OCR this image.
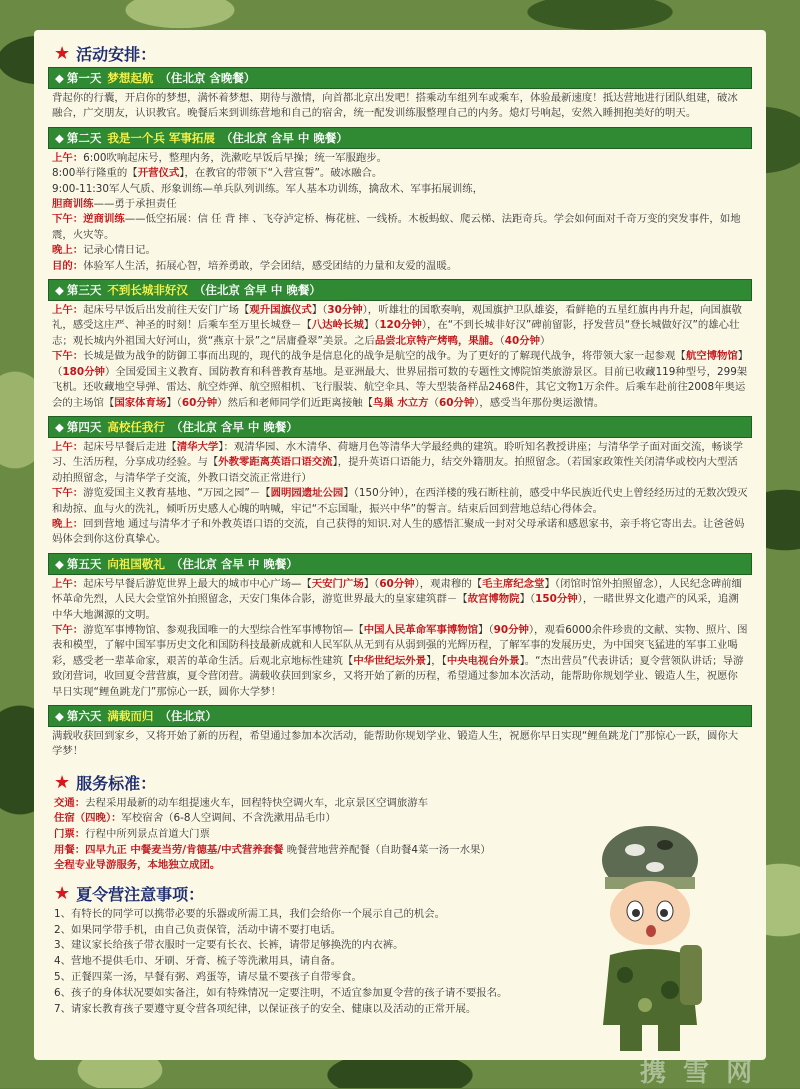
★ 活动安排：
◆ 第一天 梦想起航 （住北京 含晚餐）
背起你的行囊，开启你的梦想，满怀着梦想、期待与激情，向首都北京出发吧！搭乘动车组列车或乘车，体验最新速度！抵达营地进行团队组建，破冰融合，广交朋友，认识教官。晚餐后来到训练营地和自己的宿舍，统一配发训练服整理自己的内务。熄灯号响起，安然入睡拥抱美好的明天。
◆ 第二天 我是一个兵 军事拓展 （住北京 含早 中 晚餐）
上午：6:00吹响起床号，整理内务，洗漱吃早饭后早操；统一军服跑步。
8:00举行隆重的【开营仪式】，在教官的带领下“入营宣誓”。破冰融合。
9:00-11:30军人气质、形象训练—单兵队列训练。军人基本功训练，擒敌术、军事拓展训练，
胆商训练——勇于承担责任
下午：逆商训练——低空拓展：信 任 背 摔 、飞夺泸定桥、梅花桩、一线桥。木板蚂蚁、爬云梯、法距奇兵。学会如何面对千奇万变的突发事件，如地震，火灾等。
晚上：记录心情日记。
目的：体验军人生活，拓展心智，培养勇敢，学会团结，感受团结的力量和友爱的温暖。
◆ 第三天 不到长城非好汉 （住北京 含早 中 晚餐）
上午：起床号早饭后出发前往天安门广场【观升国旗仪式】（30分钟），听雄壮的国歌奏响，观国旗护卫队雄姿，看鲜艳的五星红旗冉冉升起，向国旗敬礼，感受这庄严、神圣的时刻！后乘车至万里长城登－【八达岭长城】（120分钟），在“不到长城非好汉”碑前留影，抒发营员“登长城做好汉”的雄心壮志；观长城内外祖国大好河山，赏“燕京十景”之“居庸叠翠”美景。之后品尝北京特产烤鸭，果脯。（40分钟）
下午：长城是做为战争的防御工事而出现的，现代的战争是信息化的战争是航空的战争。为了更好的了解现代战争，将带领大家一起参观【航空博物馆】（180分钟）全国爱国主义教育、国防教育和科普教育基地。是亚洲最大、世界屈指可数的专题性文博院馆类旅游景区。目前已收藏119种型号，299架飞机。还收藏地空导弹、雷达、航空炸弹、航空照相机、飞行服装、航空伞具、等大型装备样品2468件，其它文物1万余件。后乘车赴前往2008年奥运会的主场馆【国家体育场】（60分钟）然后和老师同学们近距离接触【鸟巢 水立方（60分钟），感受当年那份奥运激情。
◆ 第四天 高校任我行 （住北京 含早 中 晚餐）
上午：起床号早餐后走进【清华大学】：观清华园、水木清华、荷塘月色等清华大学最经典的建筑。聆听知名教授讲座；与清华学子面对面交流，畅谈学习、生活历程，分享成功经验。与【外教零距离英语口语交流】，提升英语口语能力，结交外籍朋友。拍照留念。（若国家政策性关闭清华或校内大型活动拍照留念，与清华学子交流，外教口语交流正常进行）
下午：游览爱国主义教育基地、“万园之园”－【圆明园遗址公园】（150分钟），在西洋楼的残石断柱前，感受中华民族近代史上曾经经历过的无数次毁灭和劫掠、血与火的洗礼，倾听历史感人心魄的呐喊，牢记“不忘国耻，振兴中华”的誓言。结束后回到营地总结心得体会。
晚上：回到营地 通过与清华才子和外教英语口语的交流，自己获得的知识.对人生的感悟汇聚成一封对父母承诺和感恩家书，亲手将它寄出去。让爸爸妈妈体会到你这份真挚心。
◆ 第五天 向祖国敬礼 （住北京 含早 中 晚餐）
上午：起床号早餐后游览世界上最大的城市中心广场—【天安门广场】（60分钟），观肃穆的【毛主席纪念堂】（闭馆时馆外拍照留念），人民纪念碑前缅怀革命先烈，人民大会堂馆外拍照留念，天安门集体合影，游览世界最大的皇家建筑群－【故宫博物院】（150分钟），一睹世界文化遗产的风采，追溯中华大地渊源的文明。
下午：游览军事博物馆、参观我国唯一的大型综合性军事博物馆—【中国人民革命军事博物馆】（90分钟），观看6000余件珍贵的文献、实物、照片、图表和模型，了解中国军事历史文化和国防科技最新成就和人民军队从无到有从弱到强的光辉历程，了解军事的发展历史，为中国突飞猛进的军事工业喝彩，感受老一辈革命家，艰苦的革命生活。后观北京地标性建筑【中华世纪坛外景】，【中央电视台外景】。“杰出营员”代表讲话；夏令营领队讲话；导游致闭营词，收回夏令营营旗，夏令营闭营。满载收获回到家乡，又将开始了新的历程，希望通过参加本次活动，能帮助你规划学业、锻造人生，祝愿你早日实现“鲤鱼跳龙门”那惊心一跃，圆你大学梦！
◆ 第六天 满载而归 （住北京）
满载收获回到家乡，又将开始了新的历程，希望通过参加本次活动，能帮助你规划学业、锻造人生，祝愿你早日实现“鲤鱼跳龙门”那惊心一跃，圆你大学梦！
★ 服务标准：
交通：去程采用最新的动车组提速火车，回程特快空调火车，北京景区空调旅游车
住宿（四晚）：军校宿舍（6-8人空调间、不含洗漱用品毛巾）
门票：行程中所列景点首道大门票
用餐：四早九正 中餐麦当劳/肯德基/中式营养套餐 晚餐营地营养配餐（自助餐4菜一汤一水果）
全程专业导游服务，本地独立成团。
★ 夏令营注意事项：
1、有特长的同学可以携带必要的乐器或所需工具，我们会给你一个展示自己的机会。
2、如果同学带手机，由自己负责保管，活动中请不要打电话。
3、建议家长给孩子带衣服时一定要有长衣、长裤，请带足够换洗的内衣裤。
4、营地不提供毛巾、牙刷、牙膏、梳子等洗漱用具，请自备。
5、正餐四菜一汤，早餐有粥、鸡蛋等，请尽量不要孩子自带零食。
6、孩子的身体状况要如实备注，如有特殊情况一定要注明，不适宜参加夏令营的孩子请不要报名。
7、请家长教育孩子要遵守夏令营各项纪律，以保证孩子的安全、健康以及活动的正常开展。
携 雪 网
